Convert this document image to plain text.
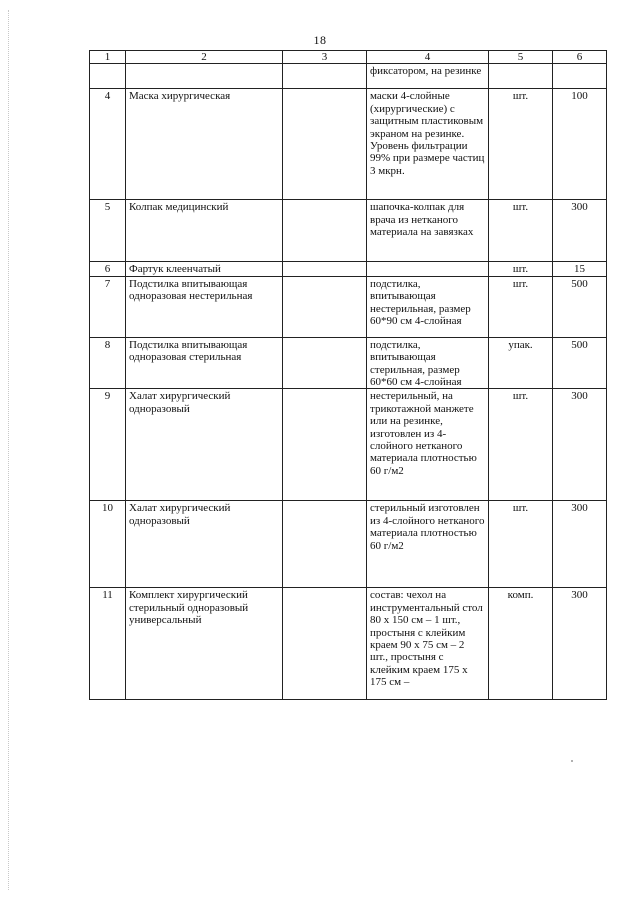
18
1	2	3	4	5	6
			фиксатором, на резинке		
4	Маска хирургическая		маски 4-слойные (хирургические) с защитным пластиковым экраном на резинке. Уровень фильтрации 99% при размере частиц 3 мкрн.	шт.	100
5	Колпак медицинский		шапочка-колпак для врача из нетканого материала на завязках	шт.	300
6	Фартук клеенчатый			шт.	15
7	Подстилка впитывающая одноразовая нестерильная		подстилка, впитывающая нестерильная, размер 60*90 см 4-слойная	шт.	500
8	Подстилка впитывающая одноразовая стерильная		подстилка, впитывающая стерильная, размер 60*60 см 4-слойная	упак.	500
9	Халат хирургический одноразовый		нестерильный, на трикотажной манжете или на резинке, изготовлен из 4-слойного нетканого материала плотностью 60 г/м2	шт.	300
10	Халат хирургический одноразовый		стерильный изготовлен из 4-слойного нетканого материала плотностью 60 г/м2	шт.	300
11	Комплект хирургический стерильный одноразовый универсальный		состав: чехол на инструментальный стол 80 х 150 см – 1 шт., простыня с клейким краем 90 х 75 см – 2 шт., простыня с клейким краем 175 х 175 см –	комп.	300
